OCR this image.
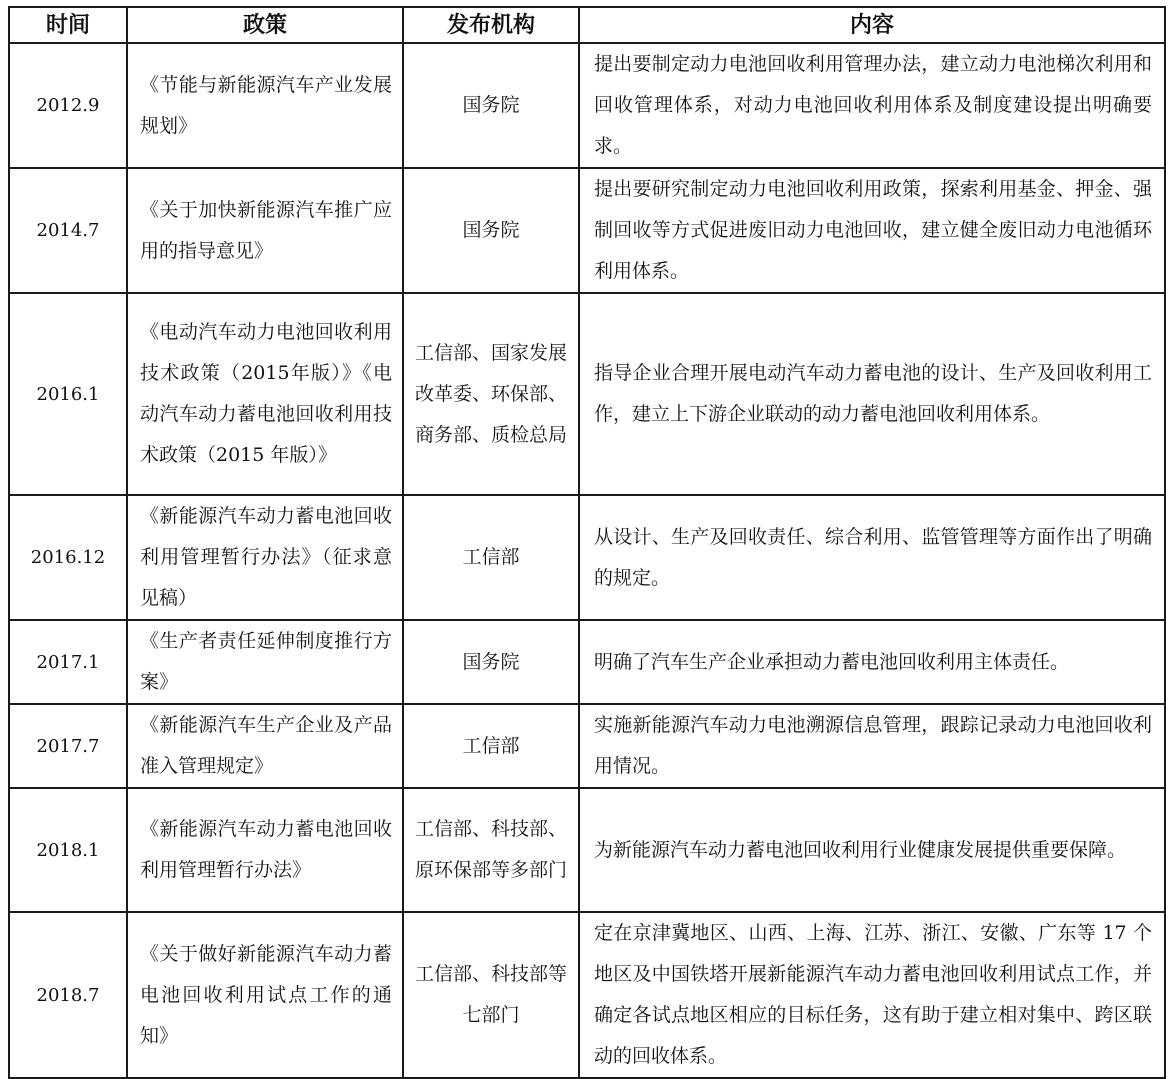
时间	政策	发布机构	内容
2012.9	《节能与新能源汽车产业发展规划》	国务院	提出要制定动力电池回收利用管理办法，建立动力电池梯次利用和回收管理体系，对动力电池回收利用体系及制度建设提出明确要求。
2014.7	《关于加快新能源汽车推广应用的指导意见》	国务院	提出要研究制定动力电池回收利用政策，探索利用基金、押金、强制回收等方式促进废旧动力电池回收，建立健全废旧动力电池循环利用体系。
2016.1	《电动汽车动力电池回收利用技术政策（2015年版）》《电动汽车动力蓄电池回收利用技术政策（2015 年版）》	工信部、国家发展改革委、环保部、商务部、质检总局	指导企业合理开展电动汽车动力蓄电池的设计、生产及回收利用工作，建立上下游企业联动的动力蓄电池回收利用体系。
2016.12	《新能源汽车动力蓄电池回收利用管理暂行办法》（征求意见稿）	工信部	从设计、生产及回收责任、综合利用、监管管理等方面作出了明确的规定。
2017.1	《生产者责任延伸制度推行方案》	国务院	明确了汽车生产企业承担动力蓄电池回收利用主体责任。
2017.7	《新能源汽车生产企业及产品准入管理规定》	工信部	实施新能源汽车动力电池溯源信息管理，跟踪记录动力电池回收利用情况。
2018.1	《新能源汽车动力蓄电池回收利用管理暂行办法》	工信部、科技部、原环保部等多部门	为新能源汽车动力蓄电池回收利用行业健康发展提供重要保障。
2018.7	《关于做好新能源汽车动力蓄电池回收利用试点工作的通知》	工信部、科技部等七部门	定在京津冀地区、山西、上海、江苏、浙江、安徽、广东等 17 个地区及中国铁塔开展新能源汽车动力蓄电池回收利用试点工作，并确定各试点地区相应的目标任务，这有助于建立相对集中、跨区联动的回收体系。
